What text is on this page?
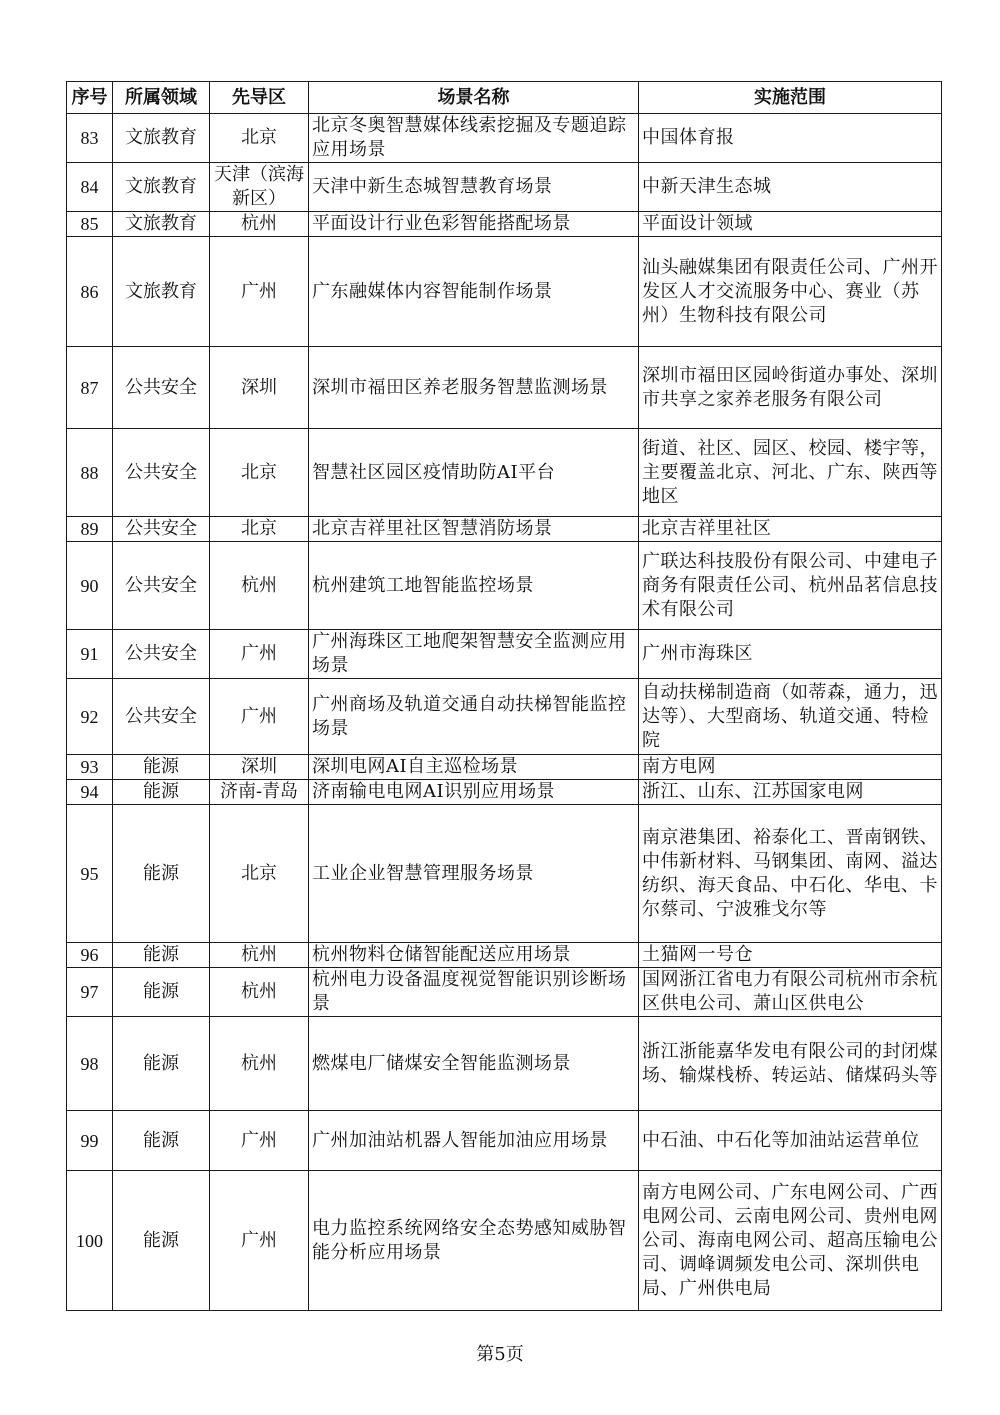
序号	所属领域	先导区	场景名称	实施范围
83	文旅教育	北京	北京冬奥智慧媒体线索挖掘及专题追踪应用场景	中国体育报
84	文旅教育	天津（滨海新区）	天津中新生态城智慧教育场景	中新天津生态城
85	文旅教育	杭州	平面设计行业色彩智能搭配场景	平面设计领域
86	文旅教育	广州	广东融媒体内容智能制作场景	汕头融媒集团有限责任公司、广州开发区人才交流服务中心、赛业（苏州）生物科技有限公司
87	公共安全	深圳	深圳市福田区养老服务智慧监测场景	深圳市福田区园岭街道办事处、深圳市共享之家养老服务有限公司
88	公共安全	北京	智慧社区园区疫情助防AI平台	街道、社区、园区、校园、楼宇等，主要覆盖北京、河北、广东、陕西等地区
89	公共安全	北京	北京吉祥里社区智慧消防场景	北京吉祥里社区
90	公共安全	杭州	杭州建筑工地智能监控场景	广联达科技股份有限公司、中建电子商务有限责任公司、杭州品茗信息技术有限公司
91	公共安全	广州	广州海珠区工地爬架智慧安全监测应用场景	广州市海珠区
92	公共安全	广州	广州商场及轨道交通自动扶梯智能监控场景	自动扶梯制造商（如蒂森，通力，迅达等）、大型商场、轨道交通、特检院
93	能源	深圳	深圳电网AI自主巡检场景	南方电网
94	能源	济南-青岛	济南输电电网AI识别应用场景	浙江、山东、江苏国家电网
95	能源	北京	工业企业智慧管理服务场景	南京港集团、裕泰化工、晋南钢铁、中伟新材料、马钢集团、南网、溢达纺织、海天食品、中石化、华电、卡尔蔡司、宁波雅戈尔等
96	能源	杭州	杭州物料仓储智能配送应用场景	土猫网一号仓
97	能源	杭州	杭州电力设备温度视觉智能识别诊断场景	国网浙江省电力有限公司杭州市余杭区供电公司、萧山区供电公
98	能源	杭州	燃煤电厂储煤安全智能监测场景	浙江浙能嘉华发电有限公司的封闭煤场、输煤栈桥、转运站、储煤码头等
99	能源	广州	广州加油站机器人智能加油应用场景	中石油、中石化等加油站运营单位
100	能源	广州	电力监控系统网络安全态势感知威胁智能分析应用场景	南方电网公司、广东电网公司、广西电网公司、云南电网公司、贵州电网公司、海南电网公司、超高压输电公司、调峰调频发电公司、深圳供电局、广州供电局
第5页
